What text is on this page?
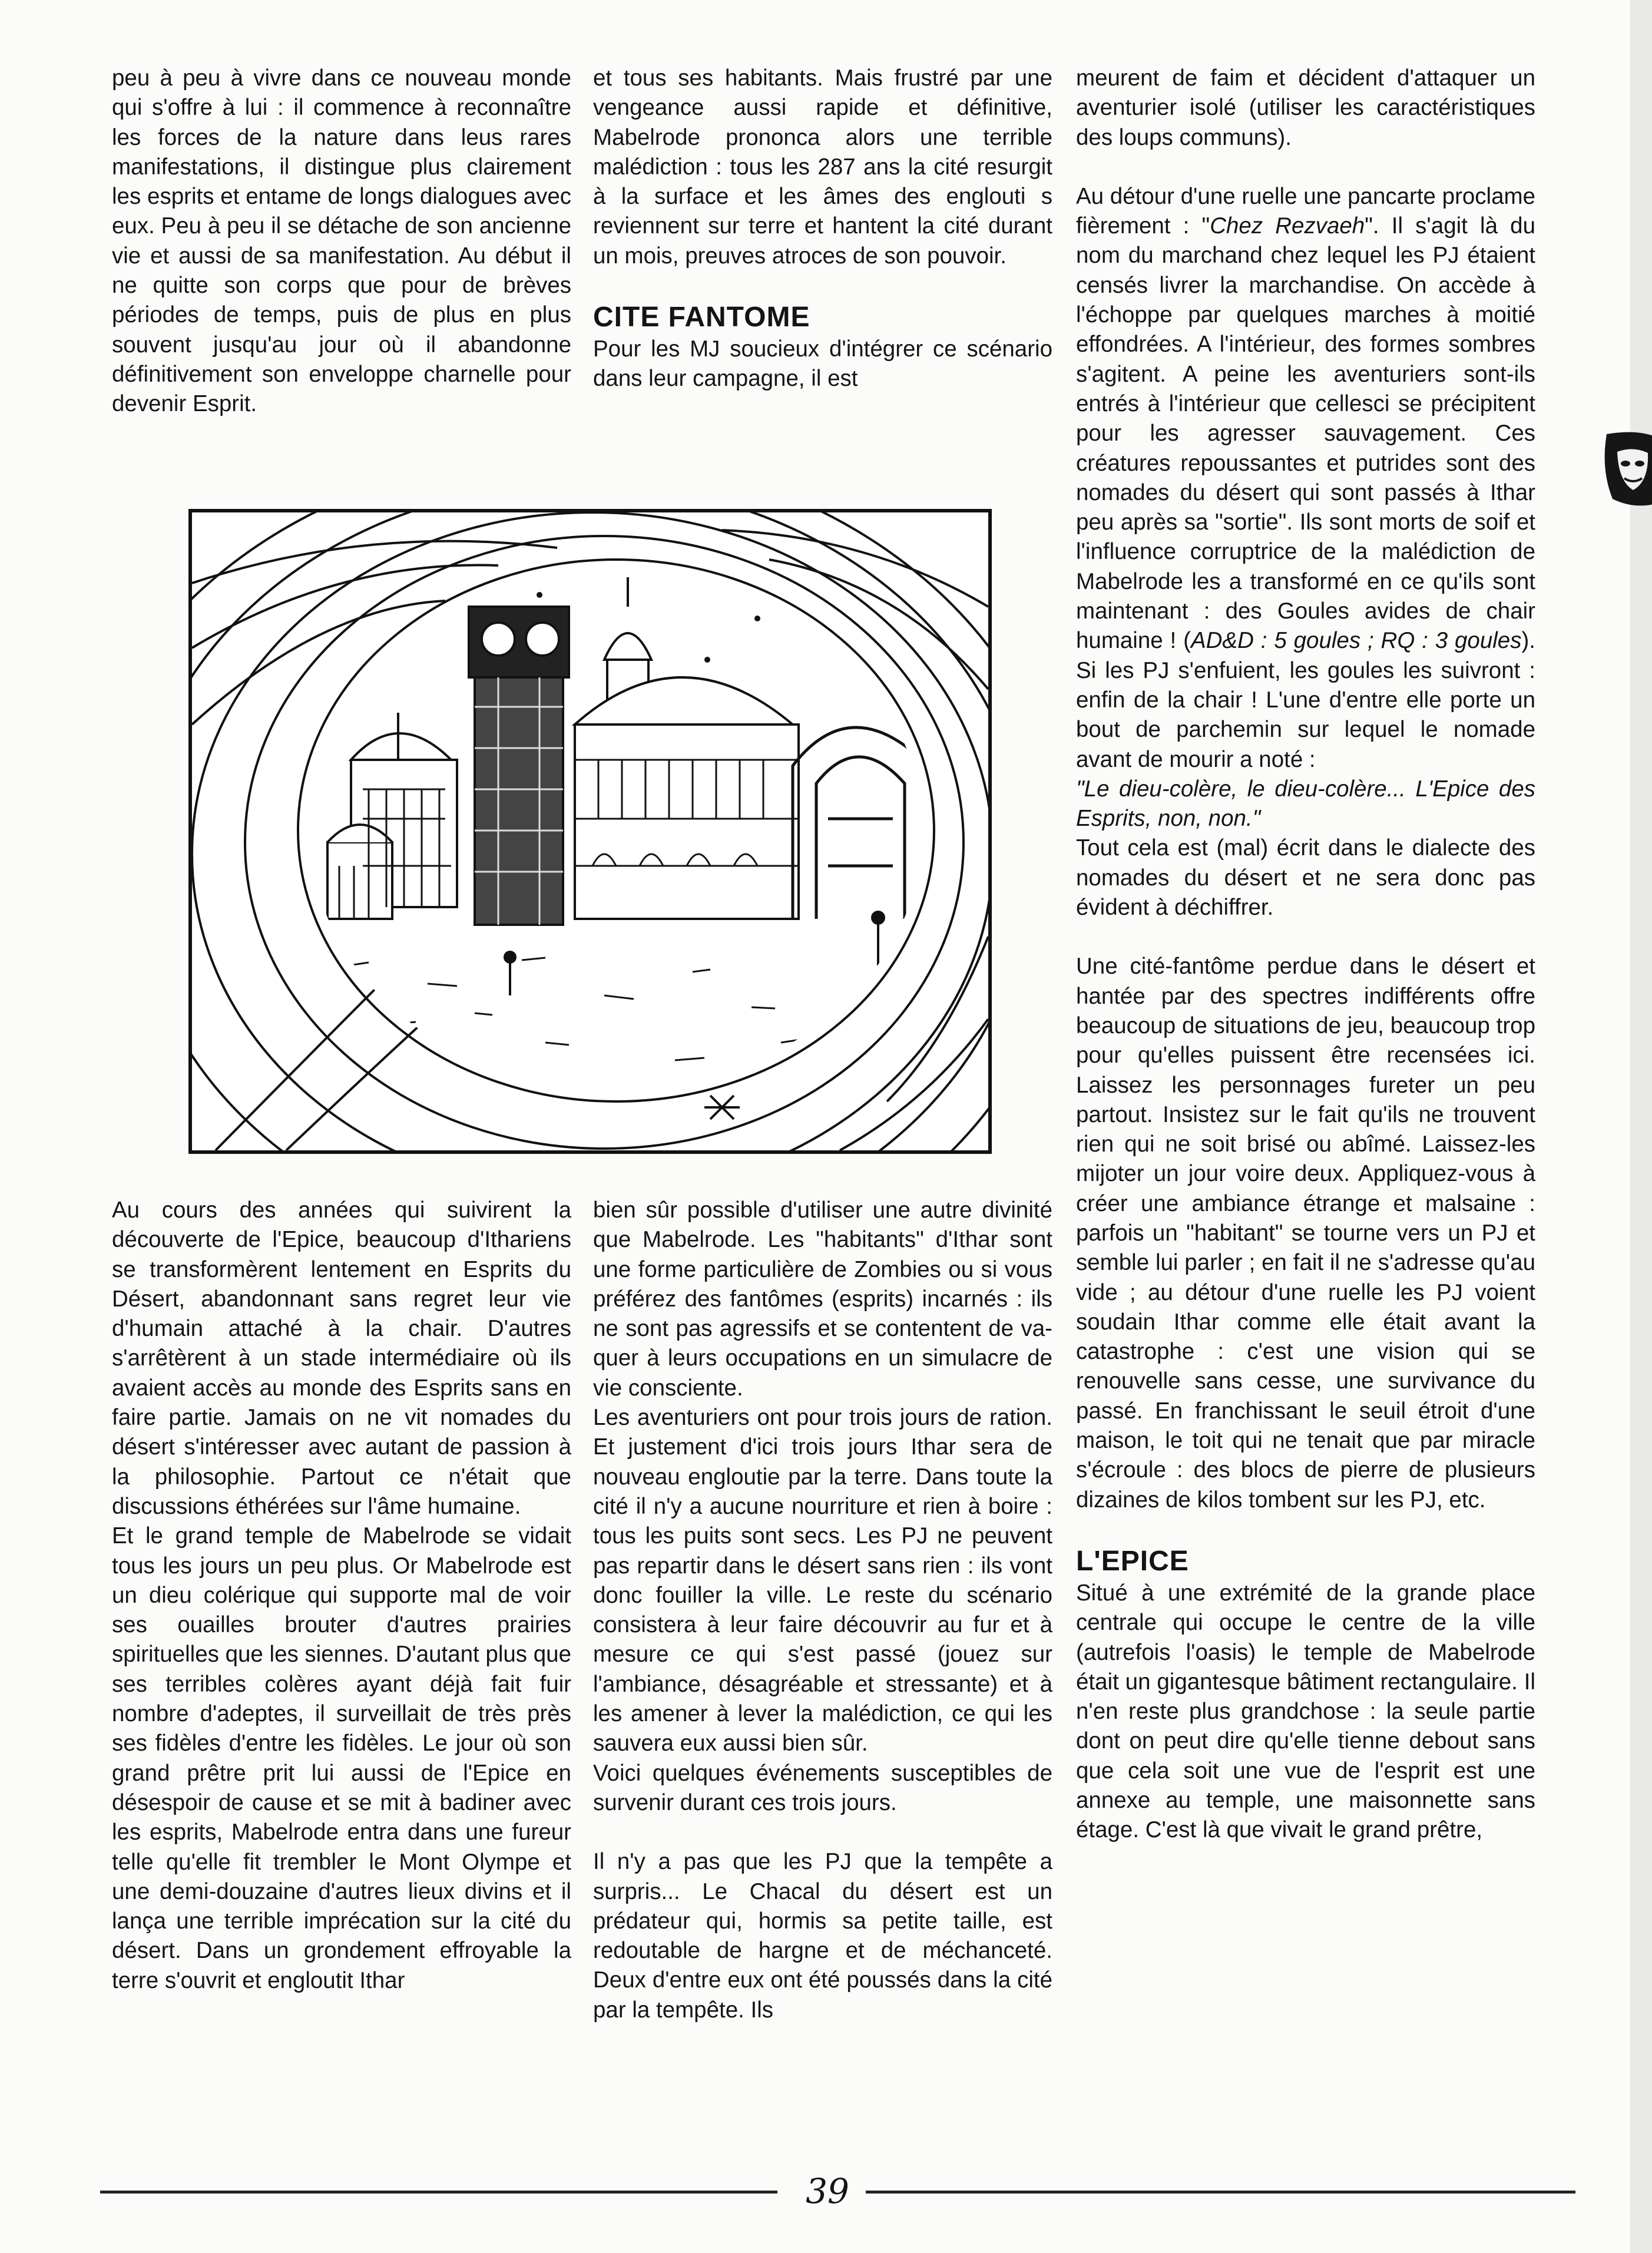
peu à peu à vivre dans ce nouveau monde qui s'offre à lui : il commence à reconnaître les forces de la nature dans leus rares manifestations, il distingue plus clairement les esprits et entame de longs dialogues avec eux. Peu à peu il se détache de son ancienne vie et aussi de sa manifestation. Au début il ne quitte son corps que pour de brèves périodes de temps, puis de plus en plus souvent jusqu'au jour où il abandonne définitivement son enveloppe charnelle pour devenir Esprit.

Au cours des années qui suivirent la découverte de l'Epice, beaucoup d'Ithariens se transformèrent lentement en Esprits du Désert, abandonnant sans regret leur vie d'humain attaché à la chair. D'autres s'arrêtèrent à un stade intermédiaire où ils avaient accès au monde des Esprits sans en faire partie. Jamais on ne vit nomades du désert s'intéresser avec autant de passion à la philosophie. Partout ce n'était que discussions éthérées sur l'âme humaine.

Et le grand temple de Mabelrode se vidait tous les jours un peu plus. Or Mabelrode est un dieu colérique qui supporte mal de voir ses ouailles brouter d'autres prairies spirituelles que les siennes. D'autant plus que ses terribles colères ayant déjà fait fuir nombre d'adeptes, il surveillait de très près ses fidèles d'entre les fidèles. Le jour où son grand prêtre prit lui aussi de l'Epice en désespoir de cause et se mit à badiner avec les esprits, Mabelrode entra dans une fureur telle qu'elle fit trembler le Mont Olympe et une demi-douzaine d'autres lieux divins et il lança une terrible imprécation sur la cité du désert. Dans un grondement effroyable la terre s'ouvrit et engloutit Ithar

et tous ses habitants. Mais frustré par une vengeance aussi rapide et définitive, Mabelrode prononca alors une terrible malédiction : tous les 287 ans la cité resurgit à la surface et les âmes des englouti s reviennent sur terre et hantent la cité durant un mois, preuves atroces de son pouvoir.

CITE FANTOME

Pour les MJ soucieux d'intégrer ce scénario dans leur campagne, il est

bien sûr possible d'utiliser une autre divinité que Mabelrode. Les "habitants" d'Ithar sont une forme particulière de Zombies ou si vous préférez des fantômes (esprits) incarnés : ils ne sont pas agressifs et se contentent de vaquer à leurs occupations en un simulacre de vie consciente.

Les aventuriers ont pour trois jours de ration. Et justement d'ici trois jours Ithar sera de nouveau engloutie par la terre. Dans toute la cité il n'y a aucune nourriture et rien à boire : tous les puits sont secs. Les PJ ne peuvent pas repartir dans le désert sans rien : ils vont donc fouiller la ville. Le reste du scénario consistera à leur faire découvrir au fur et à mesure ce qui s'est passé (jouez sur l'ambiance, désagréable et stressante) et à les amener à lever la malédiction, ce qui les sauvera eux aussi bien sûr.

Voici quelques événements susceptibles de survenir durant ces trois jours.

Il n'y a pas que les PJ que la tempête a surpris... Le Chacal du désert est un prédateur qui, hormis sa petite taille, est redoutable de hargne et de méchanceté. Deux d'entre eux ont été poussés dans la cité par la tempête. Ils

meurent de faim et décident d'attaquer un aventurier isolé (utiliser les caractéristiques des loups communs).

Au détour d'une ruelle une pancarte proclame fièrement : "Chez Rezvaeh". Il s'agit là du nom du marchand chez lequel les PJ étaient censés livrer la marchandise. On accède à l'échoppe par quelques marches à moitié effondrées. A l'intérieur, des formes sombres s'agitent. A peine les aventuriers sont-ils entrés à l'intérieur que cellesci se précipitent pour les agresser sauvagement. Ces créatures repoussantes et putrides sont des nomades du désert qui sont passés à Ithar peu après sa "sortie". Ils sont morts de soif et l'influence corruptrice de la malédiction de Mabelrode les a transformé en ce qu'ils sont maintenant : des Goules avides de chair humaine ! (AD&D : 5 goules ; RQ : 3 goules). Si les PJ s'enfuient, les goules les suivront : enfin de la chair ! L'une d'entre elle porte un bout de parchemin sur lequel le nomade avant de mourir a noté :

"Le dieu-colère, le dieu-colère... L'Epice des Esprits, non, non."

Tout cela est (mal) écrit dans le dialecte des nomades du désert et ne sera donc pas évident à déchiffrer.

Une cité-fantôme perdue dans le désert et hantée par des spectres indifférents offre beaucoup de situations de jeu, beaucoup trop pour qu'elles puissent être recensées ici. Laissez les personnages fureter un peu partout. Insistez sur le fait qu'ils ne trouvent rien qui ne soit brisé ou abîmé. Laissez-les mijoter un jour voire deux. Appliquez-vous à créer une ambiance étrange et malsaine : parfois un "habitant" se tourne vers un PJ et semble lui parler ; en fait il ne s'adresse qu'au vide ; au détour d'une ruelle les PJ voient soudain Ithar comme elle était avant la catastrophe : c'est une vision qui se renouvelle sans cesse, une survivance du passé. En franchissant le seuil étroit d'une maison, le toit qui ne tenait que par miracle s'écroule : des blocs de pierre de plusieurs dizaines de kilos tombent sur les PJ, etc.

L'EPICE

Situé à une extrémité de la grande place centrale qui occupe le centre de la ville (autrefois l'oasis) le temple de Mabelrode était un gigantesque bâtiment rectangulaire. Il n'en reste plus grandchose : la seule partie dont on peut dire qu'elle tienne debout sans que cela soit une vue de l'esprit est une annexe au temple, une maisonnette sans étage. C'est là que vivait le grand prêtre,

39
